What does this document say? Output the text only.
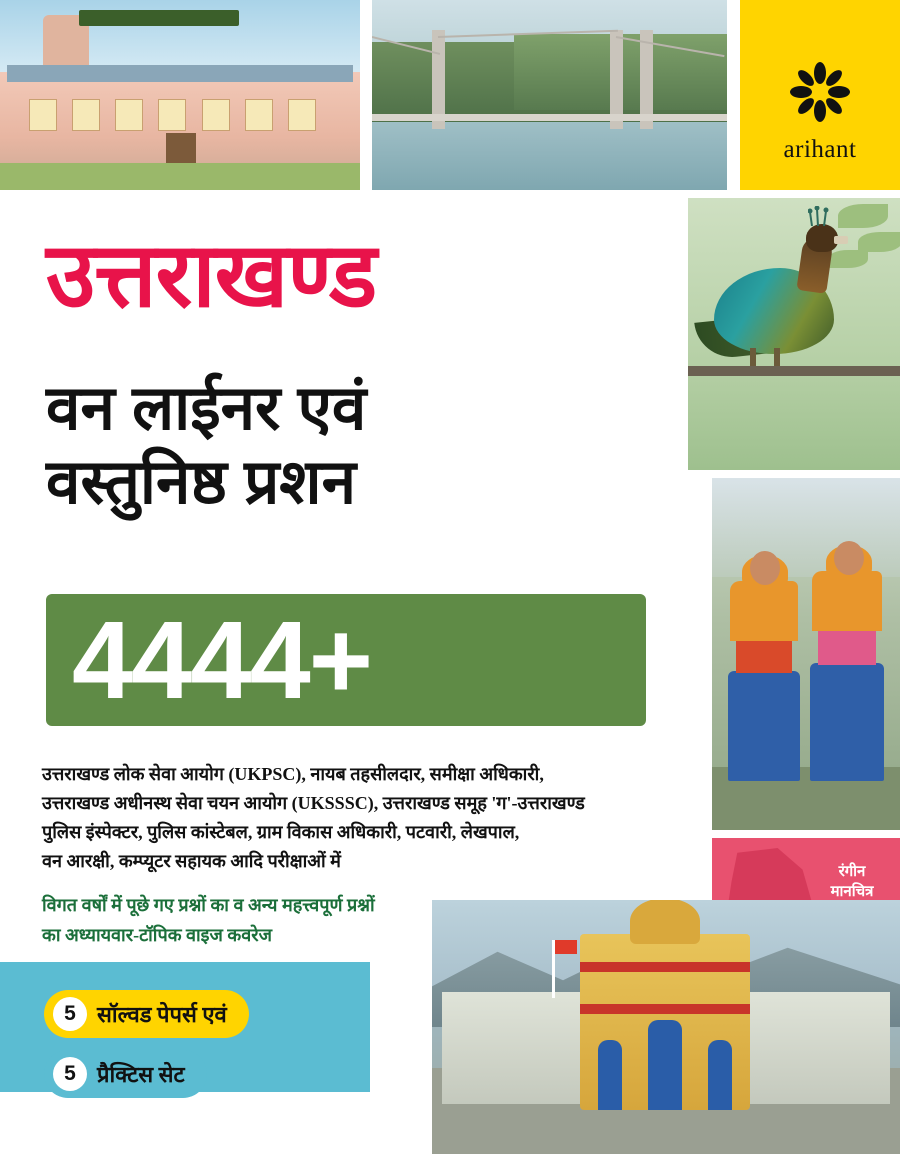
arihant
रंगीन
मानचित्र
उत्तराखण्ड
वन लाईनर एवं
वस्तुनिष्ठ प्रशन
4444+
उत्तराखण्ड लोक सेवा आयोग (UKPSC), नायब तहसीलदार, समीक्षा अधिकारी,
उत्तराखण्ड अधीनस्थ सेवा चयन आयोग (UKSSSC), उत्तराखण्ड समूह 'ग'-उत्तराखण्ड
पुलिस इंस्पेक्टर, पुलिस कांस्टेबल, ग्राम विकास अधिकारी, पटवारी, लेखपाल,
वन आरक्षी, कम्प्यूटर सहायक आदि परीक्षाओं में
विगत वर्षों में पूछे गए प्रश्नों का व अन्य महत्त्वपूर्ण प्रश्नों
का अध्यायवार-टॉपिक वाइज कवरेज
5 सॉल्वड पेपर्स एवं
5 प्रैक्टिस सेट
